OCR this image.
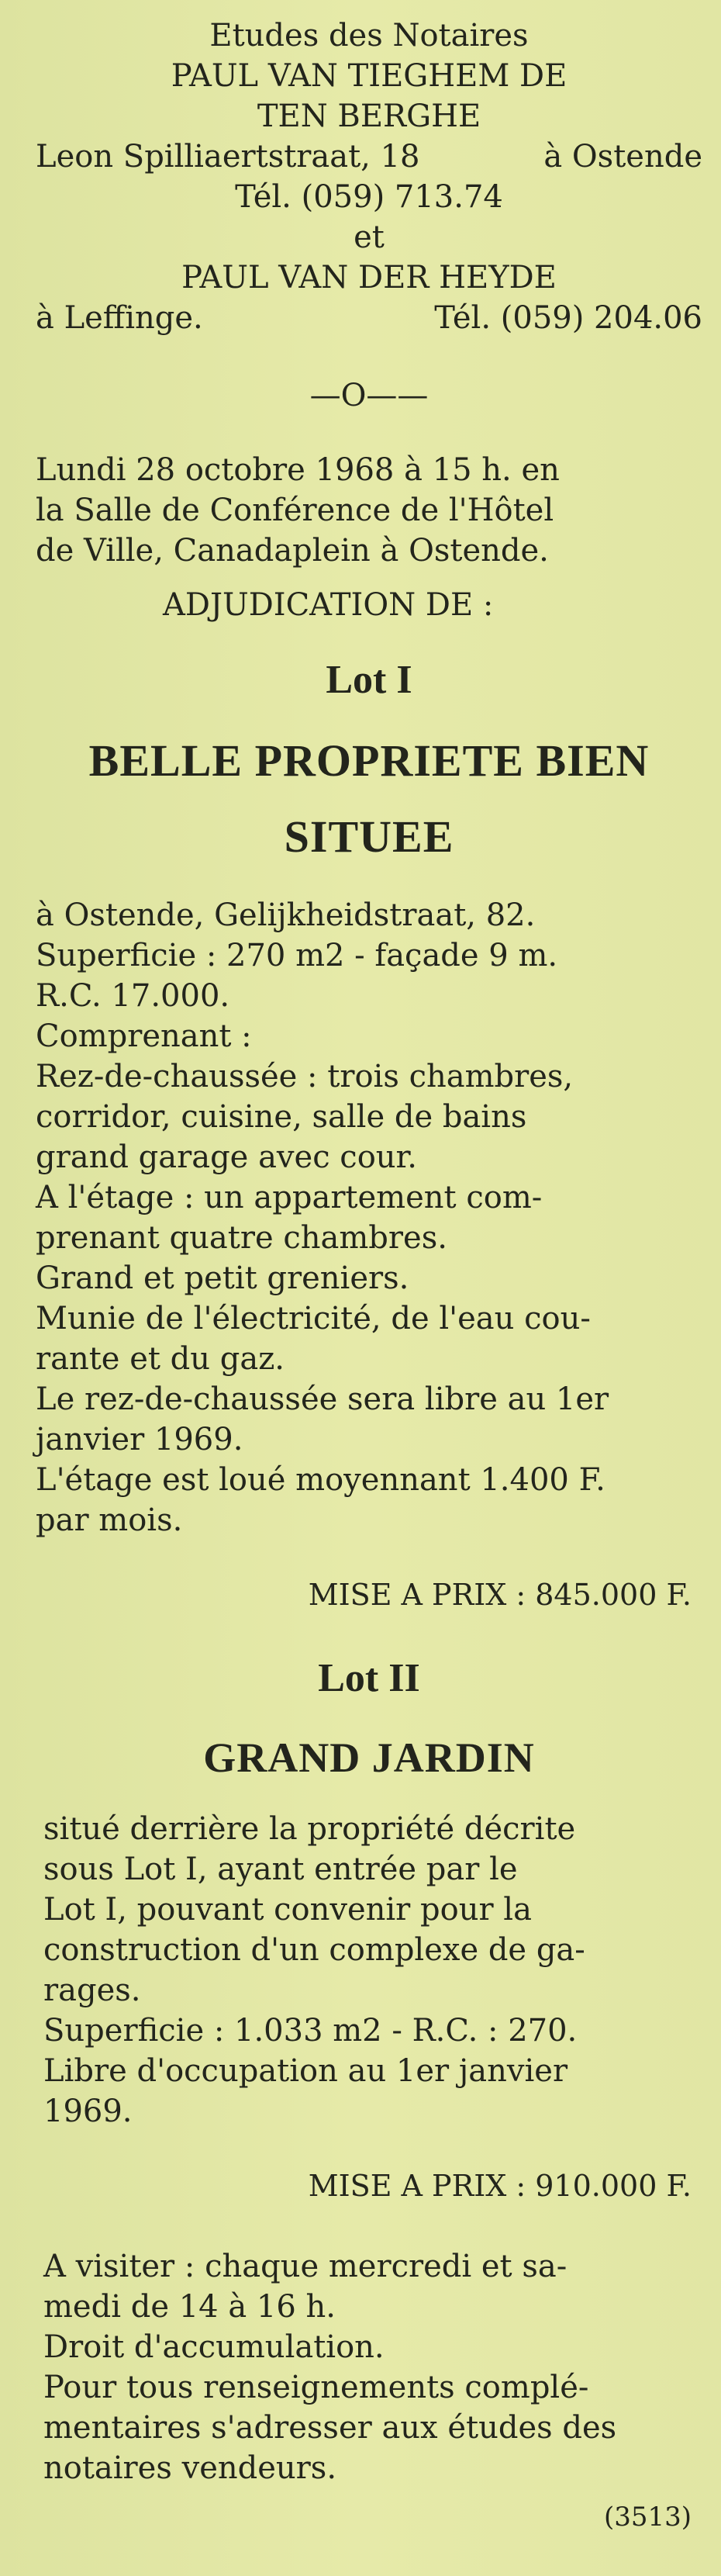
Etudes des Notaires
PAUL VAN TIEGHEM DE
TEN BERGHE
Leon Spilliaertstraat, 18	à Ostende
Tél. (059) 713.74
et
PAUL VAN DER HEYDE
à Leffinge.	Tél. (059) 204.06
—O——
Lundi 28 octobre 1968 à 15 h. en
la Salle de Conférence de l'Hôtel
de Ville, Canadaplein à Ostende.
ADJUDICATION DE :
Lot I
BELLE PROPRIETE BIEN
SITUEE
à Ostende, Gelijkheidstraat, 82.
Superficie : 270 m2 - façade 9 m.
R.C. 17.000.
Comprenant :
Rez-de-chaussée : trois chambres,
corridor, cuisine, salle de bains
grand garage avec cour.
A l'étage : un appartement com-
prenant quatre chambres.
Grand et petit greniers.
Munie de l'électricité, de l'eau cou-
rante et du gaz.
Le rez-de-chaussée sera libre au 1er
janvier 1969.
L'étage est loué moyennant 1.400 F.
par mois.
MISE A PRIX : 845.000 F.
Lot II
GRAND JARDIN
situé derrière la propriété décrite
sous Lot I, ayant entrée par le
Lot I, pouvant convenir pour la
construction d'un complexe de ga-
rages.
Superficie : 1.033 m2 - R.C. : 270.
Libre d'occupation au 1er janvier
1969.
MISE A PRIX : 910.000 F.
A visiter : chaque mercredi et sa-
medi de 14 à 16 h.
Droit d'accumulation.
Pour tous renseignements complé-
mentaires s'adresser aux études des
notaires vendeurs.
(3513)
